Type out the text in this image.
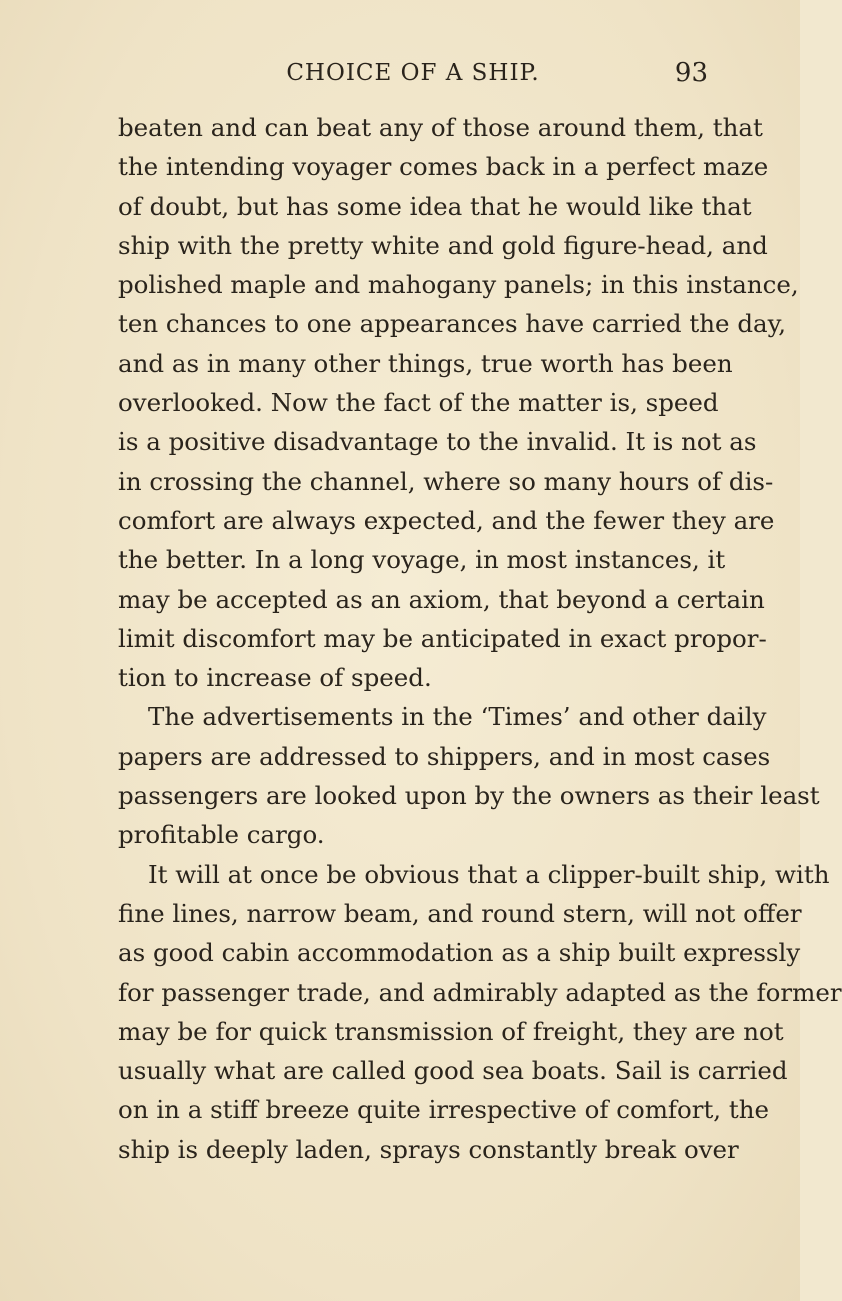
CHOICE OF A SHIP.	93
beaten and can beat any of those around them, that
the intending voyager comes back in a perfect maze
of doubt, but has some idea that he would like that
ship with the pretty white and gold figure-head, and
polished maple and mahogany panels; in this instance,
ten chances to one appearances have carried the day,
and as in many other things, true worth has been
overlooked. Now the fact of the matter is, speed
is a positive disadvantage to the invalid. It is not as
in crossing the channel, where so many hours of dis-
comfort are always expected, and the fewer they are
the better. In a long voyage, in most instances, it
may be accepted as an axiom, that beyond a certain
limit discomfort may be anticipated in exact propor-
tion to increase of speed.
The advertisements in the ‘Times’ and other daily
papers are addressed to shippers, and in most cases
passengers are looked upon by the owners as their least
profitable cargo.
It will at once be obvious that a clipper-built ship, with
fine lines, narrow beam, and round stern, will not offer
as good cabin accommodation as a ship built expressly
for passenger trade, and admirably adapted as the former
may be for quick transmission of freight, they are not
usually what are called good sea boats. Sail is carried
on in a stiff breeze quite irrespective of comfort, the
ship is deeply laden, sprays constantly break over
